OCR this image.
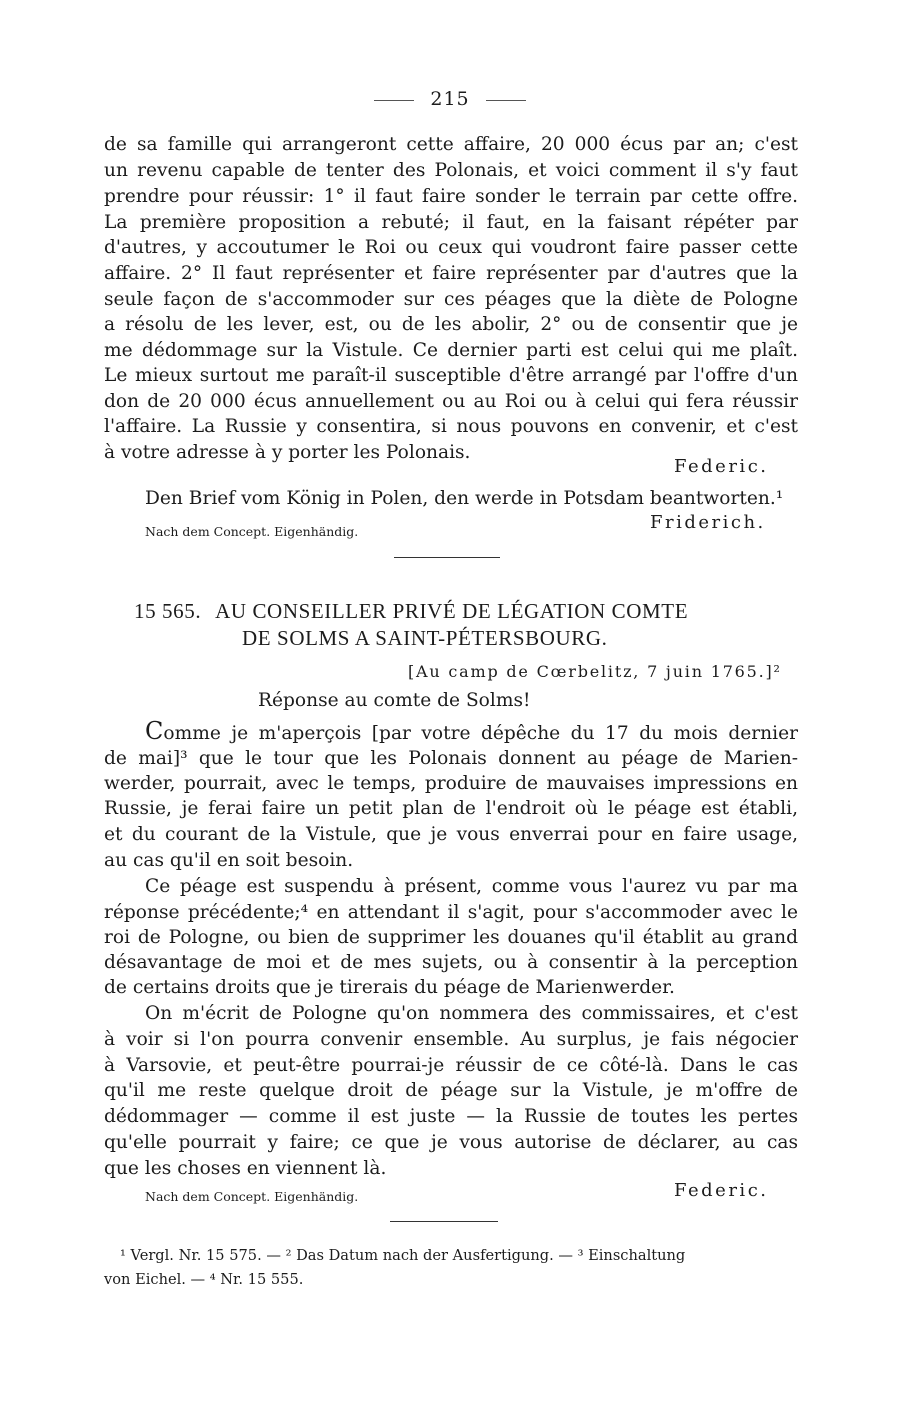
215
de sa famille qui arrangeront cette affaire, 20 000 écus par an; c'est
un revenu capable de tenter des Polonais, et voici comment il s'y faut
prendre pour réussir: 1° il faut faire sonder le terrain par cette offre.
La première proposition a rebuté; il faut, en la faisant répéter par
d'autres, y accoutumer le Roi ou ceux qui voudront faire passer cette
affaire. 2° Il faut représenter et faire représenter par d'autres que la
seule façon de s'accommoder sur ces péages que la diète de Pologne
a résolu de les lever, est, ou de les abolir, 2° ou de consentir que je
me dédommage sur la Vistule. Ce dernier parti est celui qui me plaît.
Le mieux surtout me paraît-il susceptible d'être arrangé par l'offre d'un
don de 20 000 écus annuellement ou au Roi ou à celui qui fera réussir
l'affaire. La Russie y consentira, si nous pouvons en convenir, et c'est
à votre adresse à y porter les Polonais.
Federic.
Den Brief vom König in Polen, den werde in Potsdam beantworten.¹
Nach dem Concept. Eigenhändig.	Friderich.
15 565. AU CONSEILLER PRIVÉ DE LÉGATION COMTE
DE SOLMS A SAINT-PÉTERSBOURG.
[Au camp de Cœrbelitz, 7 juin 1765.]²
Réponse au comte de Solms!
Comme je m'aperçois [par votre dépêche du 17 du mois dernier
de mai]³ que le tour que les Polonais donnent au péage de Marien-
werder, pourrait, avec le temps, produire de mauvaises impressions en
Russie, je ferai faire un petit plan de l'endroit où le péage est établi,
et du courant de la Vistule, que je vous enverrai pour en faire usage,
au cas qu'il en soit besoin.
Ce péage est suspendu à présent, comme vous l'aurez vu par ma
réponse précédente;⁴ en attendant il s'agit, pour s'accommoder avec le
roi de Pologne, ou bien de supprimer les douanes qu'il établit au grand
désavantage de moi et de mes sujets, ou à consentir à la perception
de certains droits que je tirerais du péage de Marienwerder.
On m'écrit de Pologne qu'on nommera des commissaires, et c'est
à voir si l'on pourra convenir ensemble. Au surplus, je fais négocier
à Varsovie, et peut-être pourrai-je réussir de ce côté-là. Dans le cas
qu'il me reste quelque droit de péage sur la Vistule, je m'offre de
dédommager — comme il est juste — la Russie de toutes les pertes
qu'elle pourrait y faire; ce que je vous autorise de déclarer, au cas
que les choses en viennent là.
Nach dem Concept. Eigenhändig.	Federic.
¹ Vergl. Nr. 15 575. — ² Das Datum nach der Ausfertigung. — ³ Einschaltung
von Eichel. — ⁴ Nr. 15 555.
